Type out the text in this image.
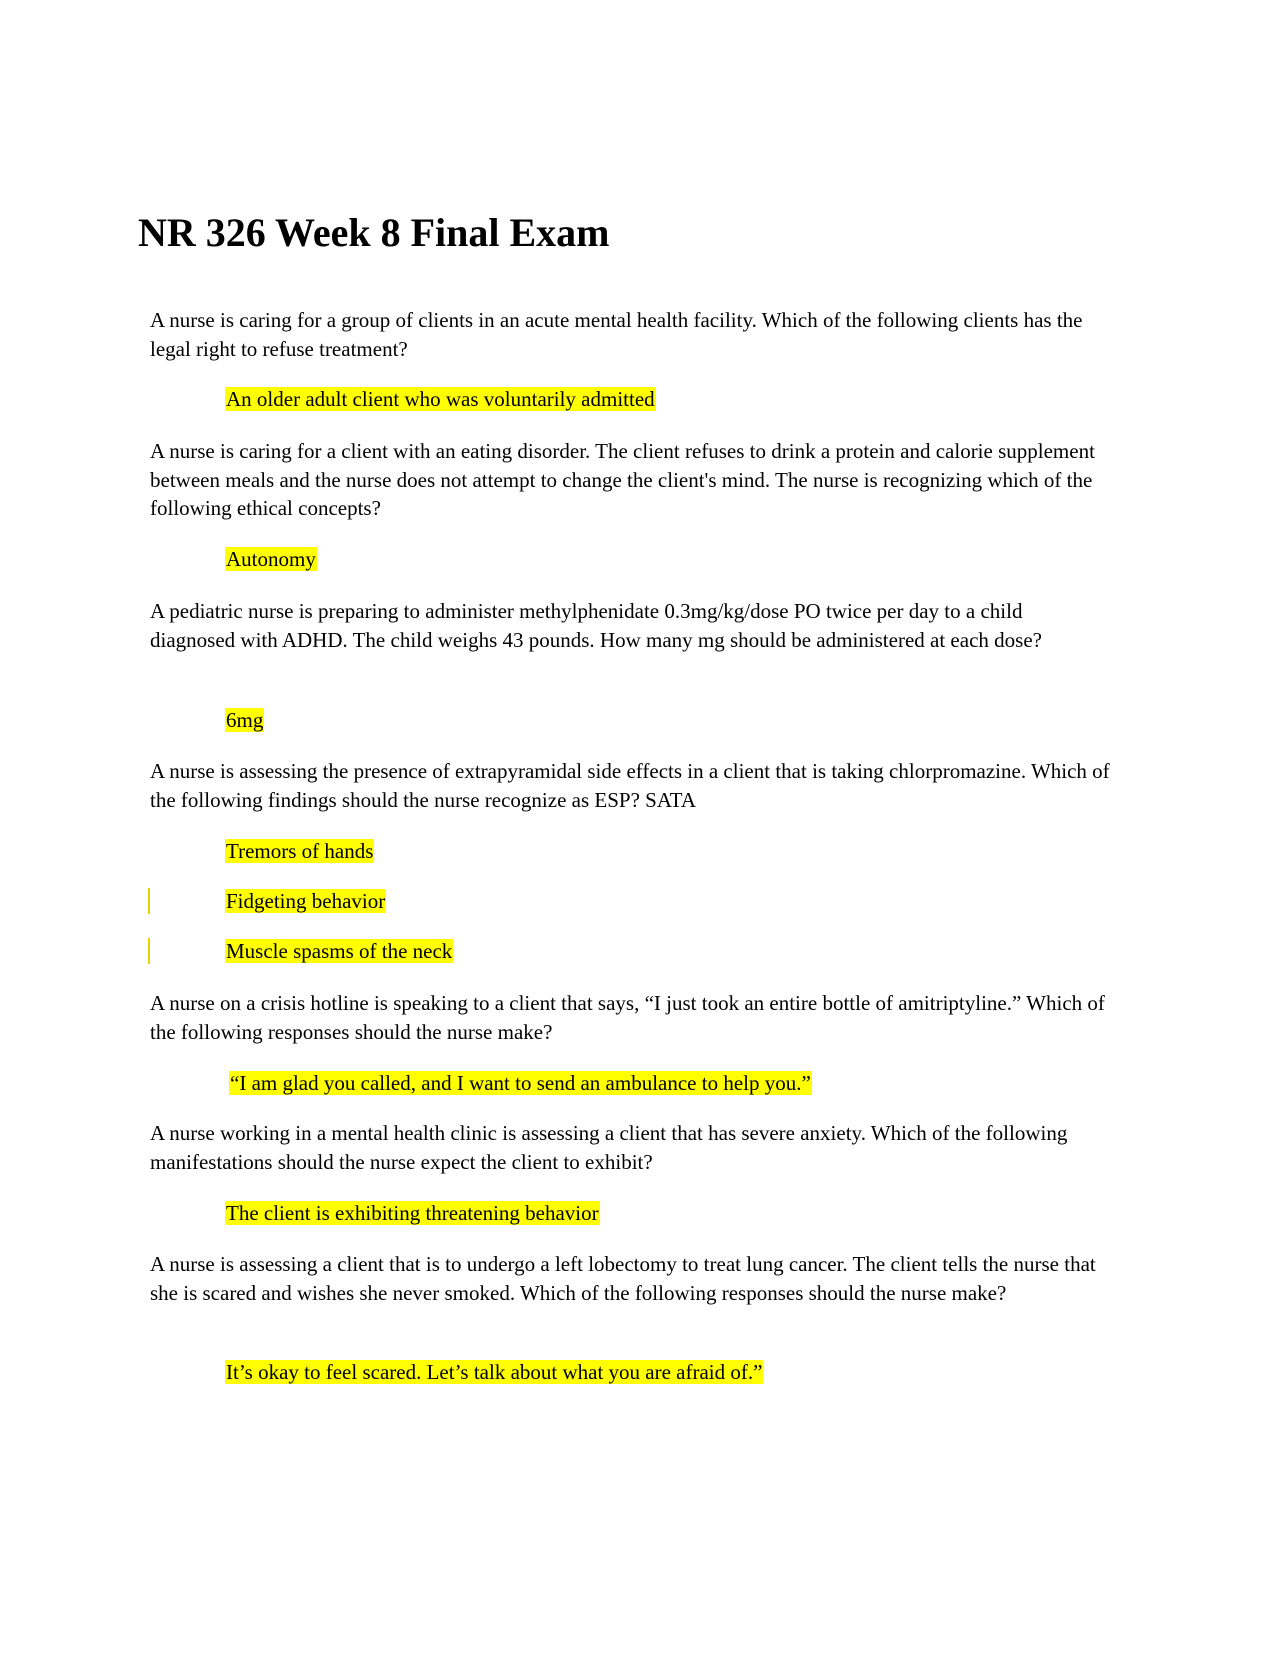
NR 326 Week 8 Final Exam

A nurse is caring for a group of clients in an acute mental health facility. Which of the following clients has the legal right to refuse treatment?

An older adult client who was voluntarily admitted

A nurse is caring for a client with an eating disorder. The client refuses to drink a protein and calorie supplement between meals and the nurse does not attempt to change the client's mind. The nurse is recognizing which of the following ethical concepts?

Autonomy

A pediatric nurse is preparing to administer methylphenidate 0.3mg/kg/dose PO twice per day to a child diagnosed with ADHD. The child weighs 43 pounds. How many mg should be administered at each dose?

6mg

A nurse is assessing the presence of extrapyramidal side effects in a client that is taking chlorpromazine. Which of the following findings should the nurse recognize as ESP? SATA

Tremors of hands

Fidgeting behavior

Muscle spasms of the neck

A nurse on a crisis hotline is speaking to a client that says, “I just took an entire bottle of amitriptyline.” Which of the following responses should the nurse make?

“I am glad you called, and I want to send an ambulance to help you.”

A nurse working in a mental health clinic is assessing a client that has severe anxiety. Which of the following manifestations should the nurse expect the client to exhibit?

The client is exhibiting threatening behavior

A nurse is assessing a client that is to undergo a left lobectomy to treat lung cancer. The client tells the nurse that she is scared and wishes she never smoked. Which of the following responses should the nurse make?

It’s okay to feel scared. Let’s talk about what you are afraid of.”
